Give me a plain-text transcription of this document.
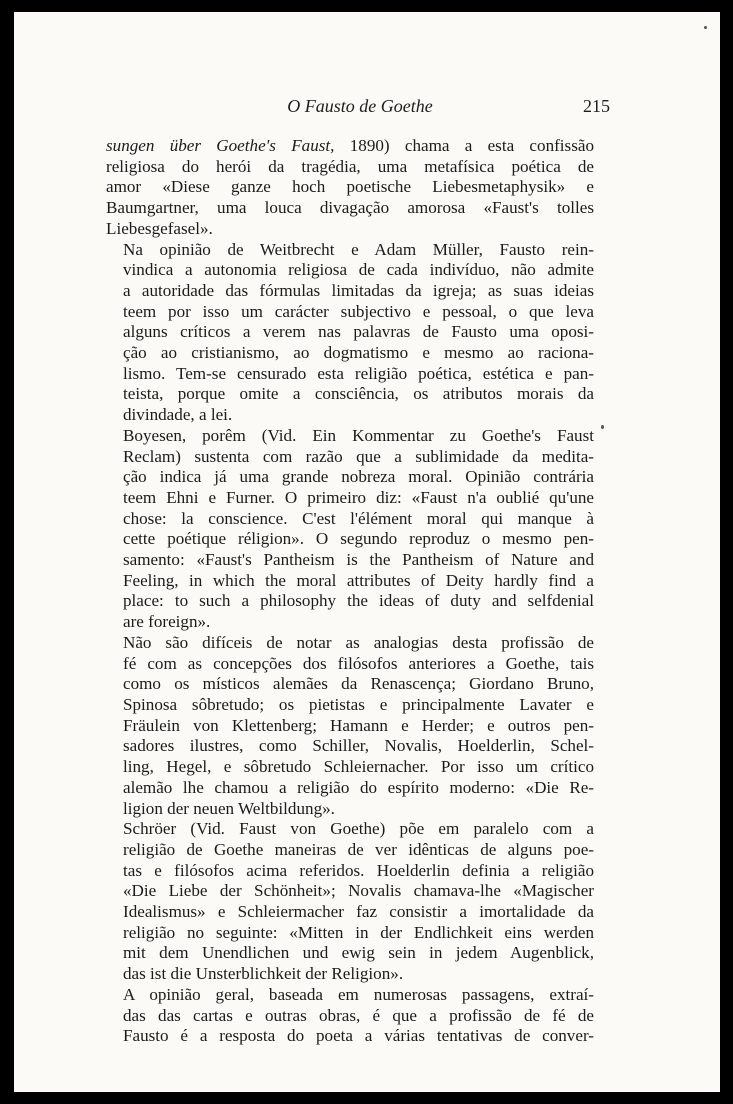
O Fausto de Goethe	215

sungen über Goethe's Faust, 1890) chama a esta confissão
religiosa do herói da tragédia, uma metafísica poética de
amor «Diese ganze hoch poetische Liebesmetaphysik» e
Baumgartner, uma louca divagação amorosa «Faust's tolles
Liebesgefasel».

Na opinião de Weitbrecht e Adam Müller, Fausto rein-
vindica a autonomia religiosa de cada indivíduo, não admite
a autoridade das fórmulas limitadas da igreja; as suas ideias
teem por isso um carácter subjectivo e pessoal, o que leva
alguns críticos a verem nas palavras de Fausto uma oposi-
ção ao cristianismo, ao dogmatismo e mesmo ao raciona-
lismo. Tem-se censurado esta religião poética, estética e pan-
teista, porque omite a consciência, os atributos morais da
divindade, a lei.

Boyesen, porêm (Vid. Ein Kommentar zu Goethe's Faust
Reclam) sustenta com razão que a sublimidade da medita-
ção indica já uma grande nobreza moral. Opinião contrária
teem Ehni e Furner. O primeiro diz: «Faust n'a oublié qu'une
chose: la conscience. C'est l'élément moral qui manque à
cette poétique réligion». O segundo reproduz o mesmo pen-
samento: «Faust's Pantheism is the Pantheism of Nature and
Feeling, in which the moral attributes of Deity hardly find a
place: to such a philosophy the ideas of duty and selfdenial
are foreign».

Não são difíceis de notar as analogias desta profissão de
fé com as concepções dos filósofos anteriores a Goethe, tais
como os místicos alemães da Renascença; Giordano Bruno,
Spinosa sôbretudo; os pietistas e principalmente Lavater e
Fräulein von Klettenberg; Hamann e Herder; e outros pen-
sadores ilustres, como Schiller, Novalis, Hoelderlin, Schel-
ling, Hegel, e sôbretudo Schleiernacher. Por isso um crítico
alemão lhe chamou a religião do espírito moderno: «Die Re-
ligion der neuen Weltbildung».

Schröer (Vid. Faust von Goethe) põe em paralelo com a
religião de Goethe maneiras de ver idênticas de alguns poe-
tas e filósofos acima referidos. Hoelderlin definia a religião
«Die Liebe der Schönheit»; Novalis chamava-lhe «Magischer
Idealismus» e Schleiermacher faz consistir a imortalidade da
religião no seguinte: «Mitten in der Endlichkeit eins werden
mit dem Unendlichen und ewig sein in jedem Augenblick,
das ist die Unsterblichkeit der Religion».

A opinião geral, baseada em numerosas passagens, extraí-
das das cartas e outras obras, é que a profissão de fé de
Fausto é a resposta do poeta a várias tentativas de conver-
